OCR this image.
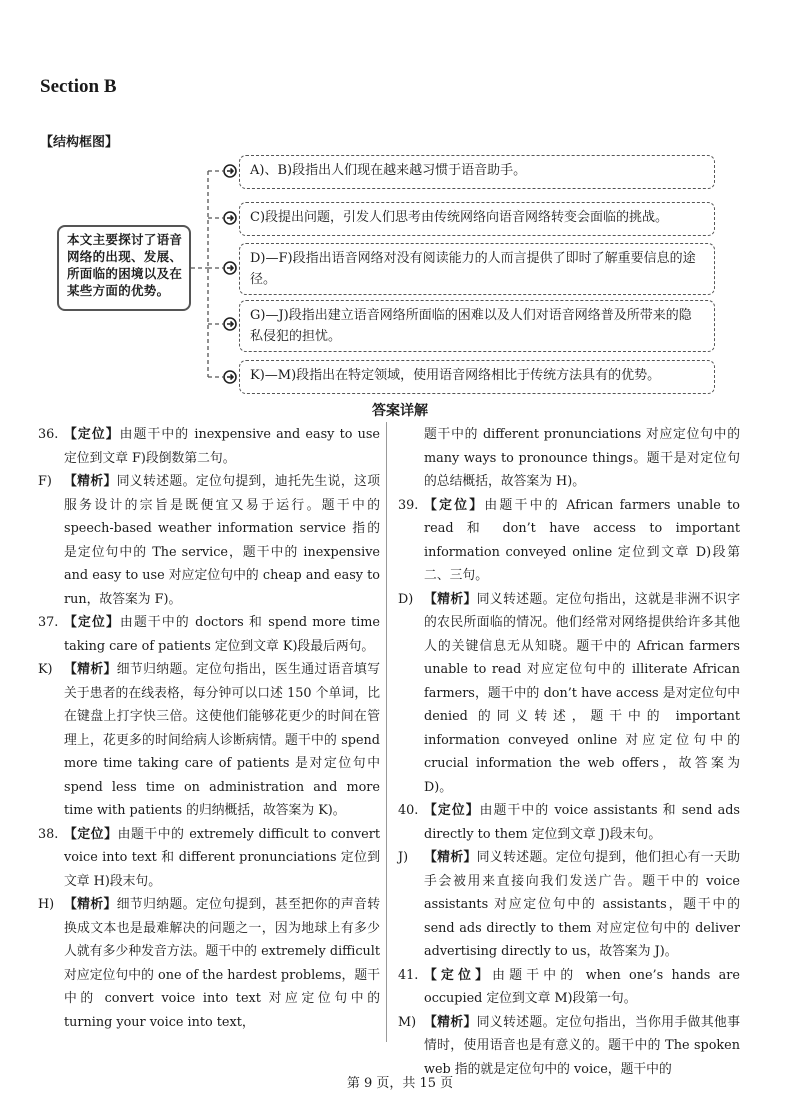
Section B
【结构框图】
本文主要探讨了语音网络的出现、发展、所面临的困境以及在某些方面的优势。
A)、B)段指出人们现在越来越习惯于语音助手。
C)段提出问题，引发人们思考由传统网络向语音网络转变会面临的挑战。
D)—F)段指出语音网络对没有阅读能力的人而言提供了即时了解重要信息的途径。
G)—J)段指出建立语音网络所面临的困难以及人们对语音网络普及所带来的隐私侵犯的担忧。
K)—M)段指出在特定领域，使用语音网络相比于传统方法具有的优势。
答案详解
36. 【定位】由题干中的 inexpensive and easy to use 定位到文章 F)段倒数第二句。
F) 【精析】同义转述题。定位句提到，迪托先生说，这项服务设计的宗旨是既便宜又易于运行。题干中的 speech-based weather information service 指的是定位句中的 The service，题干中的 inexpensive and easy to use 对应定位句中的 cheap and easy to run，故答案为 F)。
37. 【定位】由题干中的 doctors 和 spend more time taking care of patients 定位到文章 K)段最后两句。
K) 【精析】细节归纳题。定位句指出，医生通过语音填写关于患者的在线表格，每分钟可以口述 150 个单词，比在键盘上打字快三倍。这使他们能够花更少的时间在管理上，花更多的时间给病人诊断病情。题干中的 spend more time taking care of patients 是对定位句中 spend less time on administration and more time with patients 的归纳概括，故答案为 K)。
38. 【定位】由题干中的 extremely difficult to convert voice into text 和 different pronunciations 定位到文章 H)段末句。
H) 【精析】细节归纳题。定位句提到，甚至把你的声音转换成文本也是最难解决的问题之一，因为地球上有多少人就有多少种发音方法。题干中的 extremely difficult 对应定位句中的 one of the hardest problems，题干中的 convert voice into text 对应定位句中的 turning your voice into text，
题干中的 different pronunciations 对应定位句中的 many ways to pronounce things。题干是对定位句的总结概括，故答案为 H)。
39. 【定位】由题干中的 African farmers unable to read 和 don’t have access to important information conveyed online 定位到文章 D)段第二、三句。
D) 【精析】同义转述题。定位句指出，这就是非洲不识字的农民所面临的情况。他们经常对网络提供给许多其他人的关键信息无从知晓。题干中的 African farmers unable to read 对应定位句中的 illiterate African farmers，题干中的 don’t have access 是对定位句中 denied 的同义转述，题干中的 important information conveyed online 对应定位句中的 crucial information the web offers，故答案为 D)。
40. 【定位】由题干中的 voice assistants 和 send ads directly to them 定位到文章 J)段末句。
J)	【精析】同义转述题。定位句提到，他们担心有一天助手会被用来直接向我们发送广告。题干中的 voice assistants 对应定位句中的 assistants，题干中的 send ads directly to them 对应定位句中的 deliver advertising directly to us，故答案为 J)。
41. 【定位】由题干中的 when one’s hands are occupied 定位到文章 M)段第一句。
M) 【精析】同义转述题。定位句指出，当你用手做其他事情时，使用语音也是有意义的。题干中的 The spoken web 指的就是定位句中的 voice，题干中的
第 9 页，共 15 页
